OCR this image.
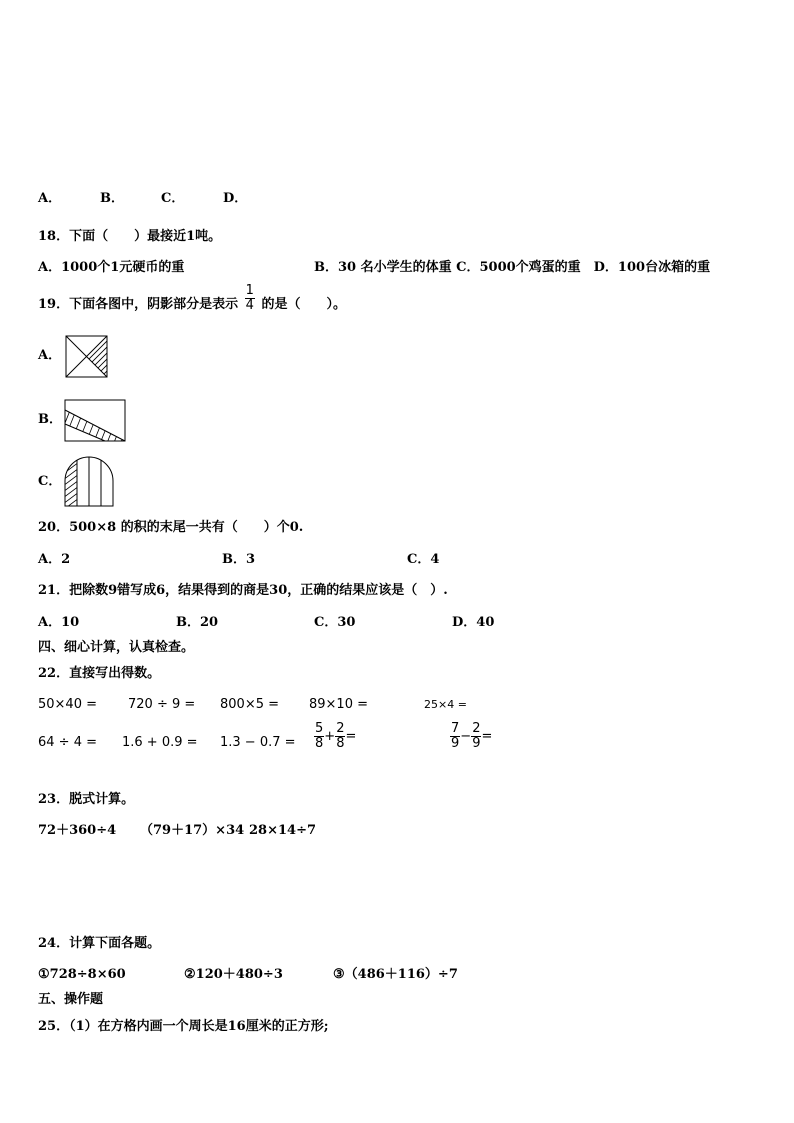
A．	B．	C．	D．
18．下面（　　）最接近1吨。
A．1000个1元硬币的重	B．30 名小学生的体重 C．5000个鸡蛋的重　D．100台冰箱的重
19．下面各图中，阴影部分是表示 $\frac{1}{4}$ 的是（　　）。
A．
B．
C．
20．500×8 的积的末尾一共有（　　）个0.
A．2	B．3	C．4
21．把除数9错写成6，结果得到的商是30，正确的结果应该是（　）.
A．10	B．20	C．30	D．40
四、细心计算，认真检查。
22．直接写出得数。
50×40 = 720 ÷ 9 = 800×5 = 89×10 =	25×4 =
$64 \div 4 = 1.6 + 0.9 = 1.3 - 0.7 = \frac{5}{8} + \frac{2}{8}$ =	$\frac{7}{9} - \frac{2}{9}$ =
23．脱式计算。
72＋360÷4 （79＋17）×34 28×14÷7
24．计算下面各题。
①728÷8×60	②120＋480÷3	③（486＋116）÷7
五、操作题
25．（1）在方格内画一个周长是16厘米的正方形;
